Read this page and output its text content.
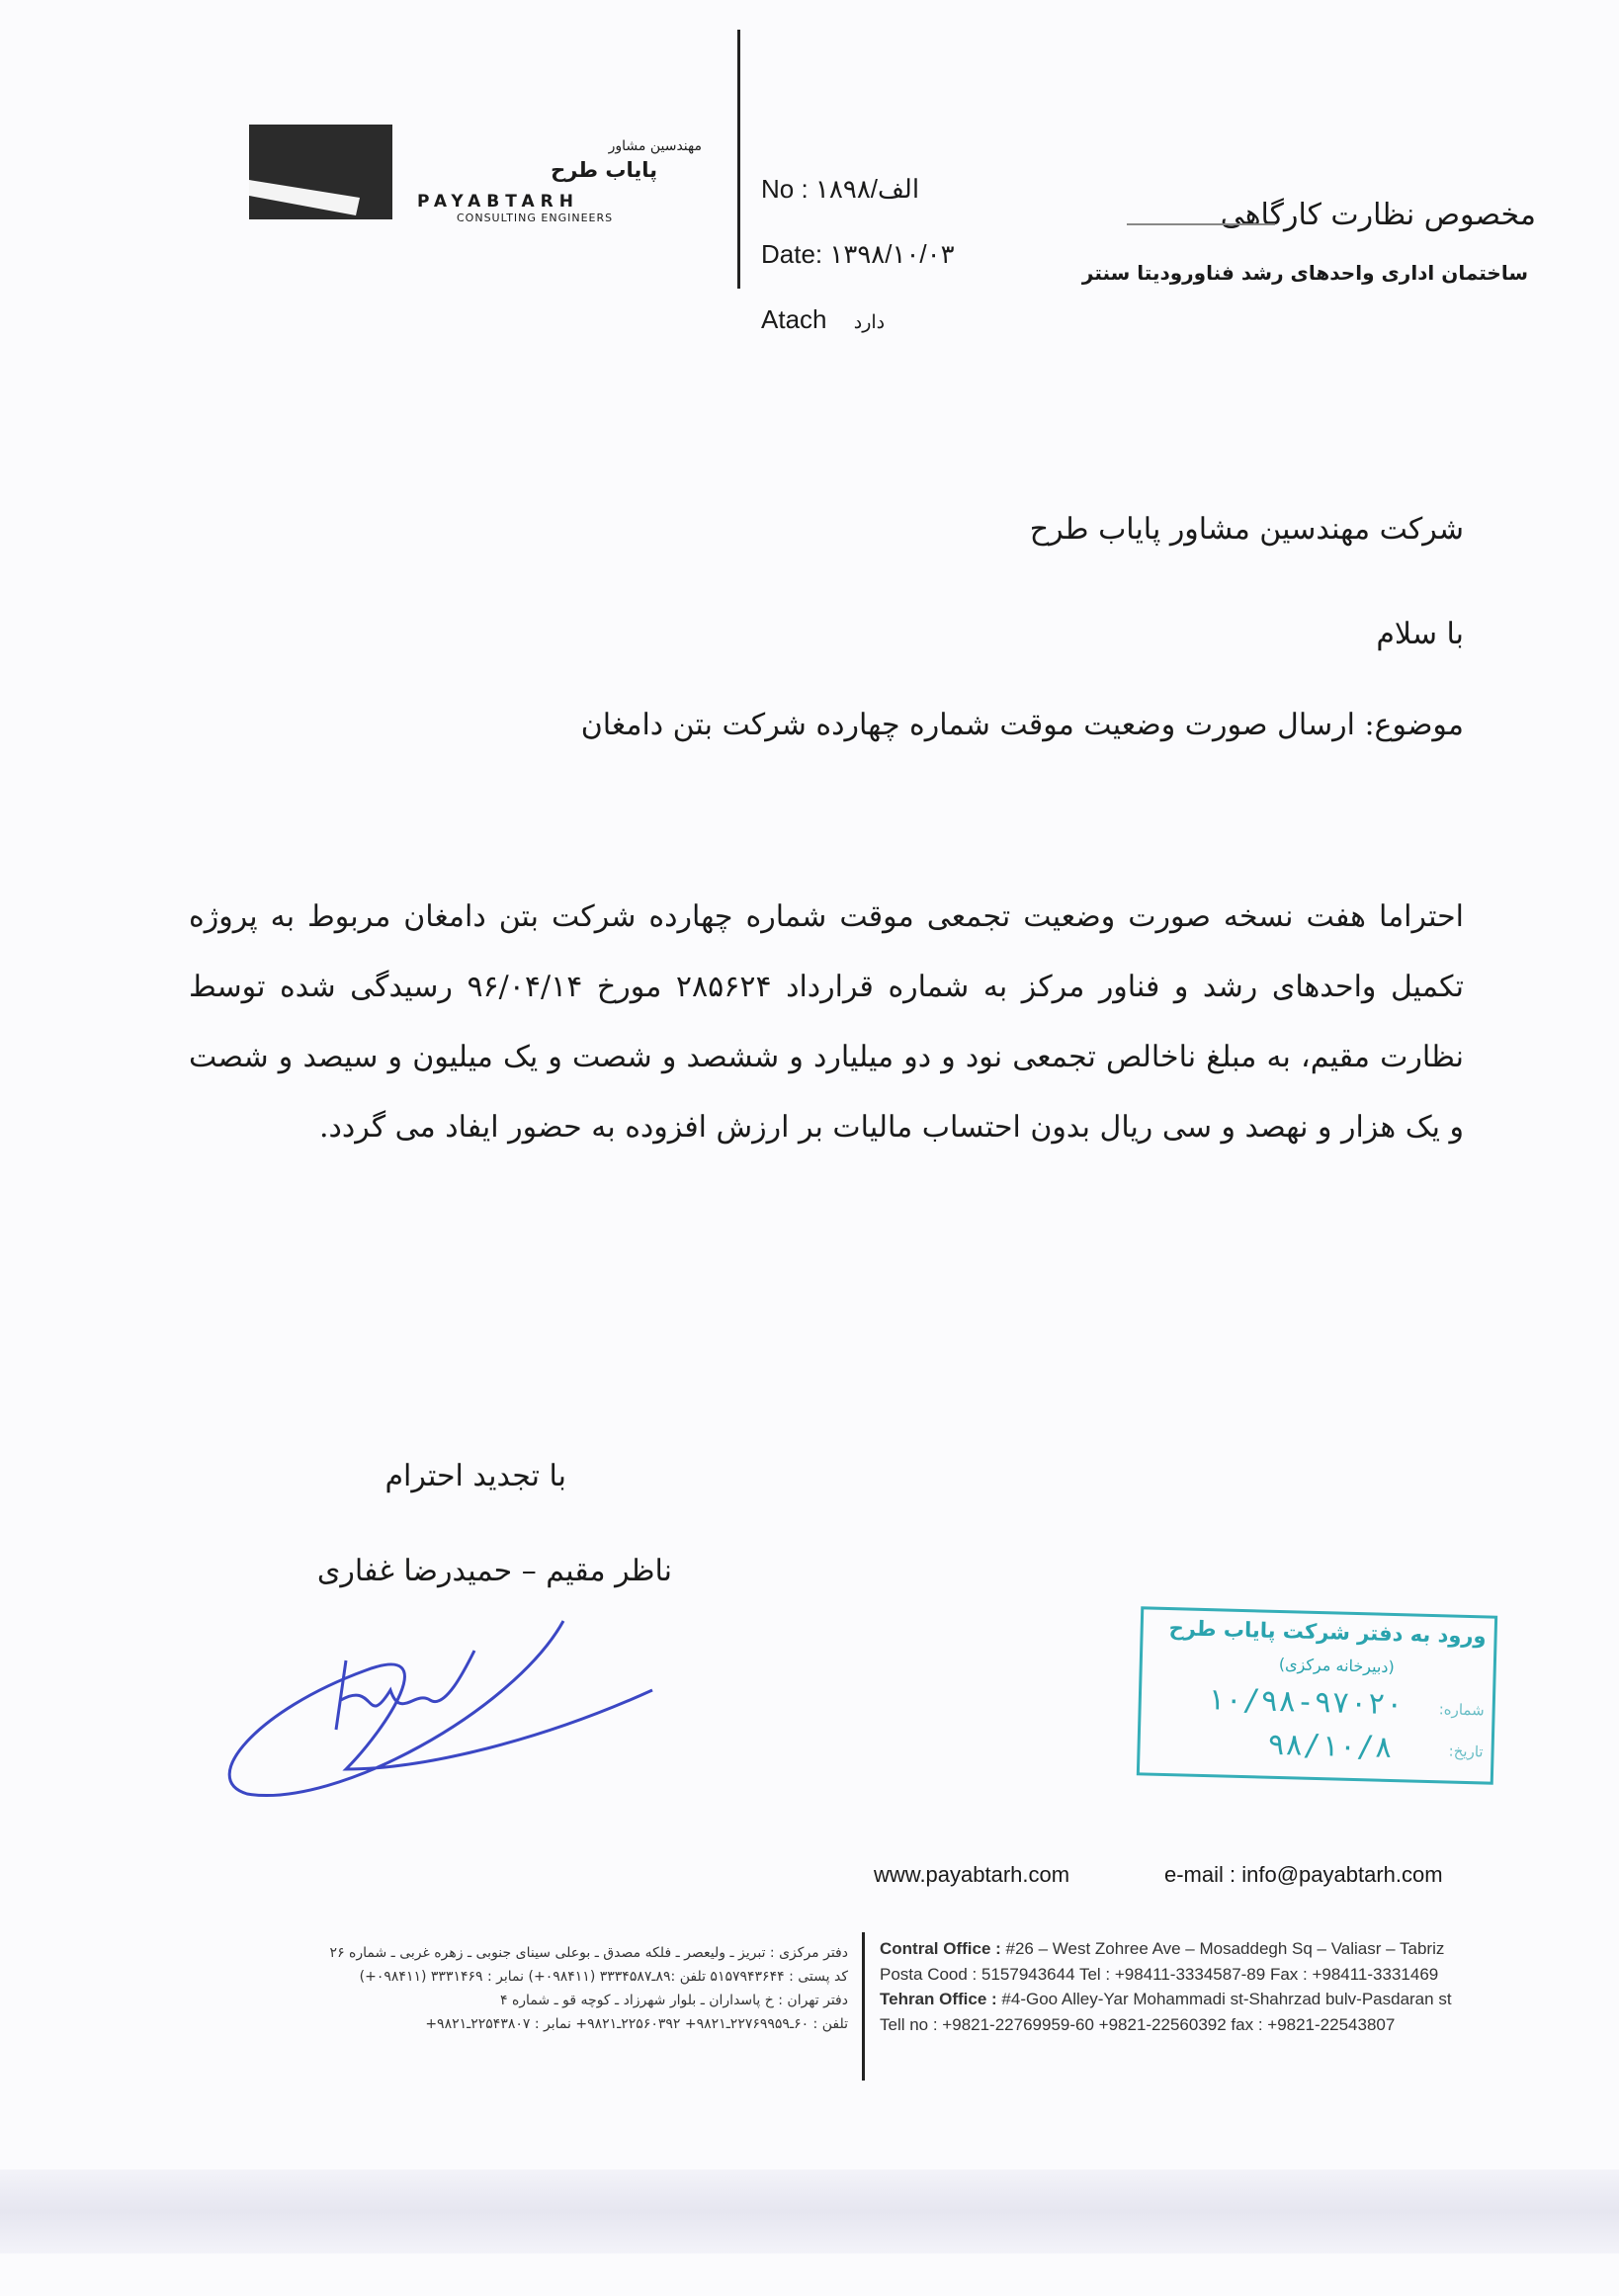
مهندسین مشاور
پایاب طرح
PAYABTARH
CONSULTING ENGINEERS
No : ۱۸الف/۹۸
Date: ۱۳۹۸/۱۰/۰۳
Atach دارد
مخصوص نظارت کارگاهی
ساختمان اداری واحدهای رشد فناوروديتا سنتر
شرکت مهندسین مشاور پایاب طرح
با سلام
موضوع: ارسال صورت وضعیت موقت شماره چهارده شرکت بتن دامغان
احتراما هفت نسخه صورت وضعیت تجمعی موقت شماره چهارده شرکت بتن دامغان مربوط به پروژه تکمیل واحدهای رشد و فناور مرکز به شماره قرارداد ۲۸۵۶۲۴ مورخ ۹۶/۰۴/۱۴ رسیدگی شده توسط نظارت مقیم، به مبلغ ناخالص تجمعی نود و دو میلیارد و ششصد و شصت و یک میلیون و سیصد و شصت و یک هزار و نهصد و سی ریال بدون احتساب مالیات بر ارزش افزوده به حضور ایفاد می گردد.
با تجدید احترام
ناظر مقیم – حمیدرضا غفاری
ورود به دفتر شرکت پایاب طرح
(دبیرخانه مرکزی)
شماره:
۱۰/۹۸-۹۷۰۲۰
تاریخ:
۹۸/۱۰/۸
www.payabtarh.com	e-mail : info@payabtarh.com
Contral Office : #26 – West Zohree Ave – Mosaddegh Sq – Valiasr – Tabriz
Posta Cood : 5157943644 Tel : +98411-3334587-89 Fax : +98411-3331469
Tehran Office : #4-Goo Alley-Yar Mohammadi st-Shahrzad bulv-Pasdaran st
Tell no : +9821-22769959-60 +9821-22560392 fax : +9821-22543807
دفتر مرکزی : تبریز ـ ولیعصر ـ فلکه مصدق ـ بوعلی سینای جنوبی ـ زهره غربی ـ شماره ۲۶
کد پستی : ۵۱۵۷۹۴۳۶۴۴ تلفن :۸۹ـ۳۳۳۴۵۸۷ (۰۹۸۴۱۱+) نمابر : ۳۳۳۱۴۶۹ (۰۹۸۴۱۱+)
دفتر تهران : خ پاسداران ـ بلوار شهرزاد ـ کوچه قو ـ شماره ۴
تلفن : ۶۰ـ۲۲۷۶۹۹۵۹ـ۹۸۲۱+ ۲۲۵۶۰۳۹۲ـ۹۸۲۱+ نمابر : ۲۲۵۴۳۸۰۷ـ۹۸۲۱+
